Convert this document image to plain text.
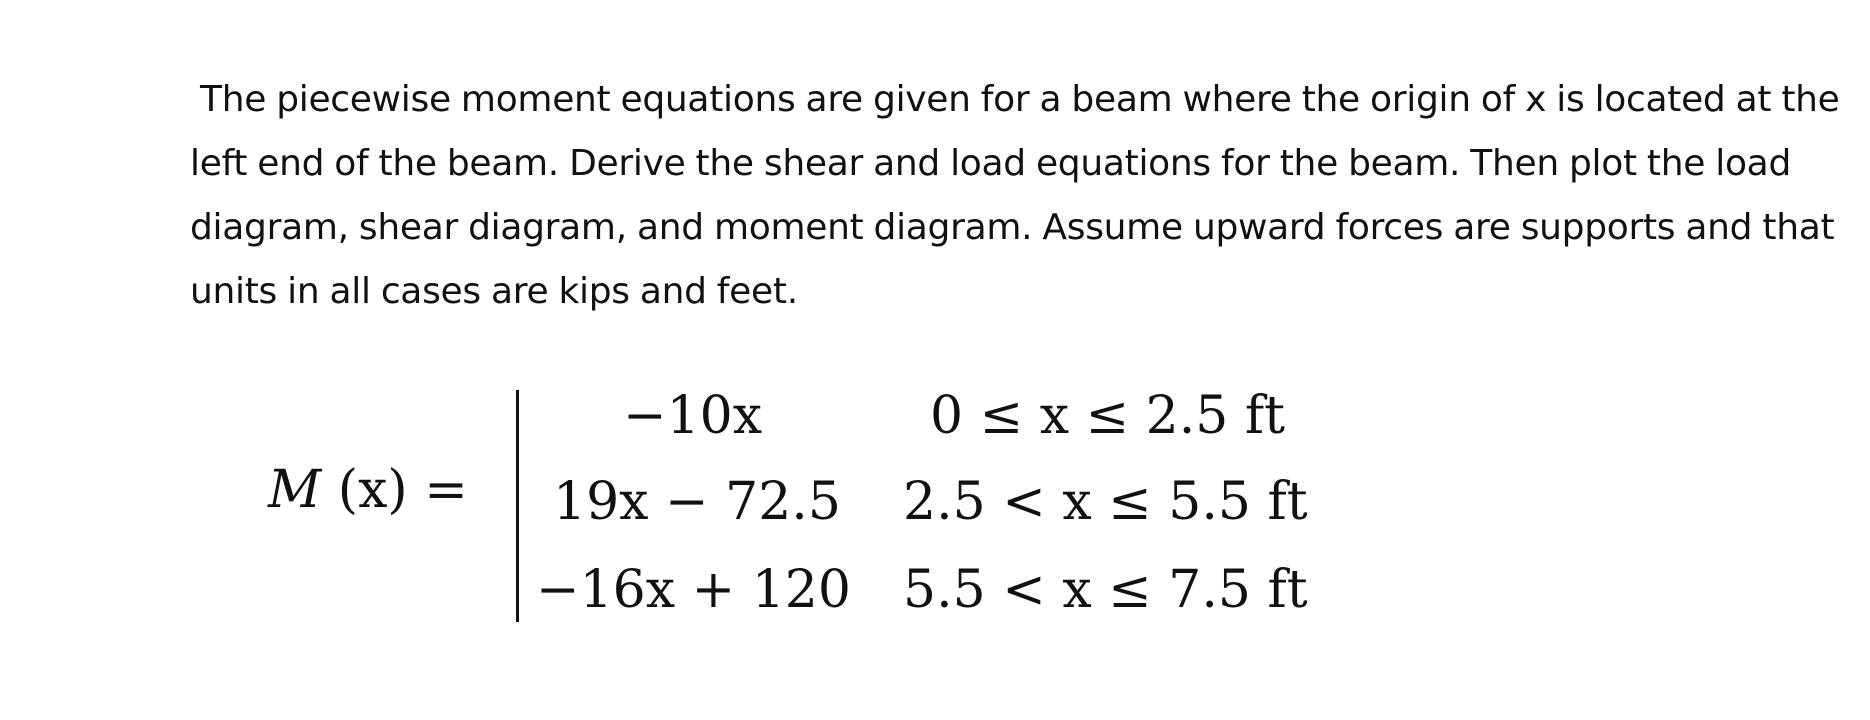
The piecewise moment equations are given for a beam where the origin of x is located at the
left end of the beam. Derive the shear and load equations for the beam. Then plot the load
diagram, shear diagram, and moment diagram. Assume upward forces are supports and that
units in all cases are kips and feet.
M (x) =
−10x	0 ≤ x ≤ 2.5 ft
19x − 72.5 2.5 < x ≤ 5.5 ft
−16x + 120 5.5 < x ≤ 7.5 ft
